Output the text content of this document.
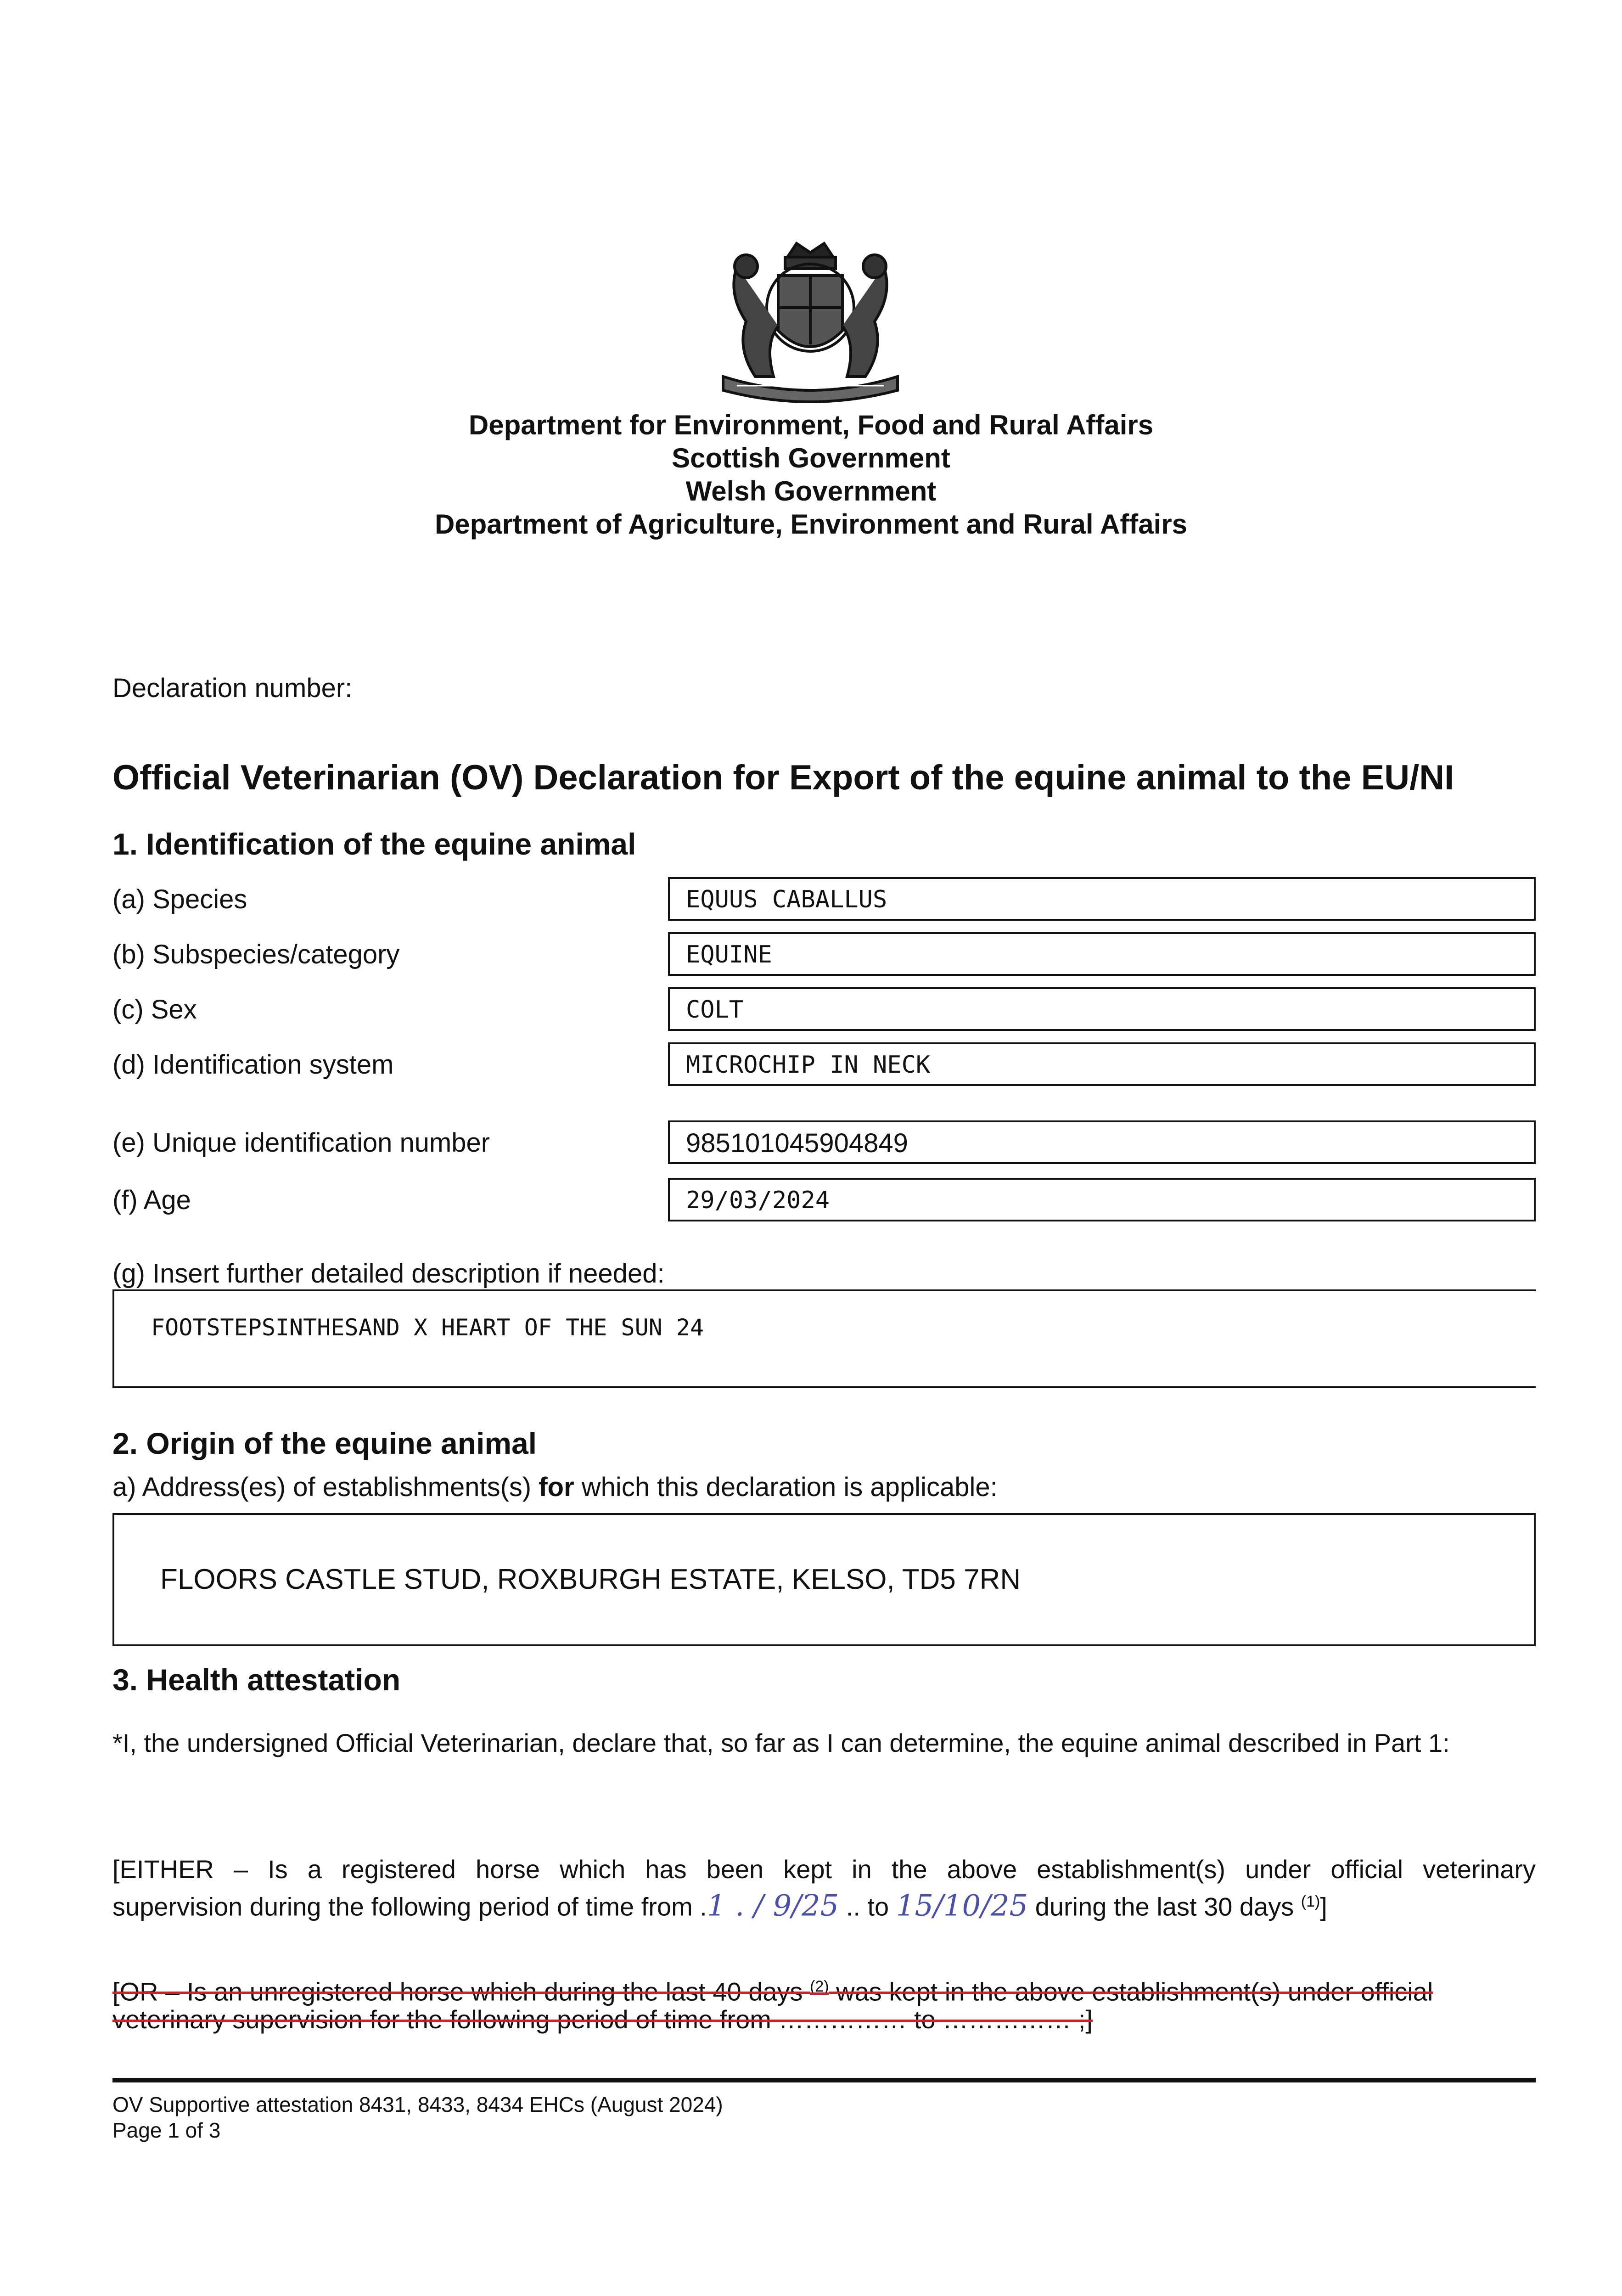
Department for Environment, Food and Rural Affairs
Scottish Government
Welsh Government
Department of Agriculture, Environment and Rural Affairs
Declaration number:
Official Veterinarian (OV) Declaration for Export of the equine animal to the EU/NI
1. Identification of the equine animal
(a) Species	EQUUS CABALLUS
(b) Subspecies/category	EQUINE
(c) Sex	COLT
(d) Identification system	MICROCHIP IN NECK
(e) Unique identification number	985101045904849
(f) Age	29/03/2024
(g) Insert further detailed description if needed:
FOOTSTEPSINTHESAND X HEART OF THE SUN 24
2. Origin of the equine animal
a) Address(es) of establishments(s) for which this declaration is applicable:
FLOORS CASTLE STUD, ROXBURGH ESTATE, KELSO, TD5 7RN
3. Health attestation
*I, the undersigned Official Veterinarian, declare that, so far as I can determine, the equine animal described in Part 1:
[EITHER – Is a registered horse which has been kept in the above establishment(s) under official veterinary
supervision during the following period of time from .1 . / 9/25 .. to 15/10/25 during the last 30 days $^{(1)}$]
[OR – Is an unregistered horse which during the last 40 days $^{(2)}$ was kept in the above establishment(s) under official
veterinary supervision for the following period of time from …………… to …………… ;]
OV Supportive attestation 8431, 8433, 8434 EHCs (August 2024)
Page 1 of 3
